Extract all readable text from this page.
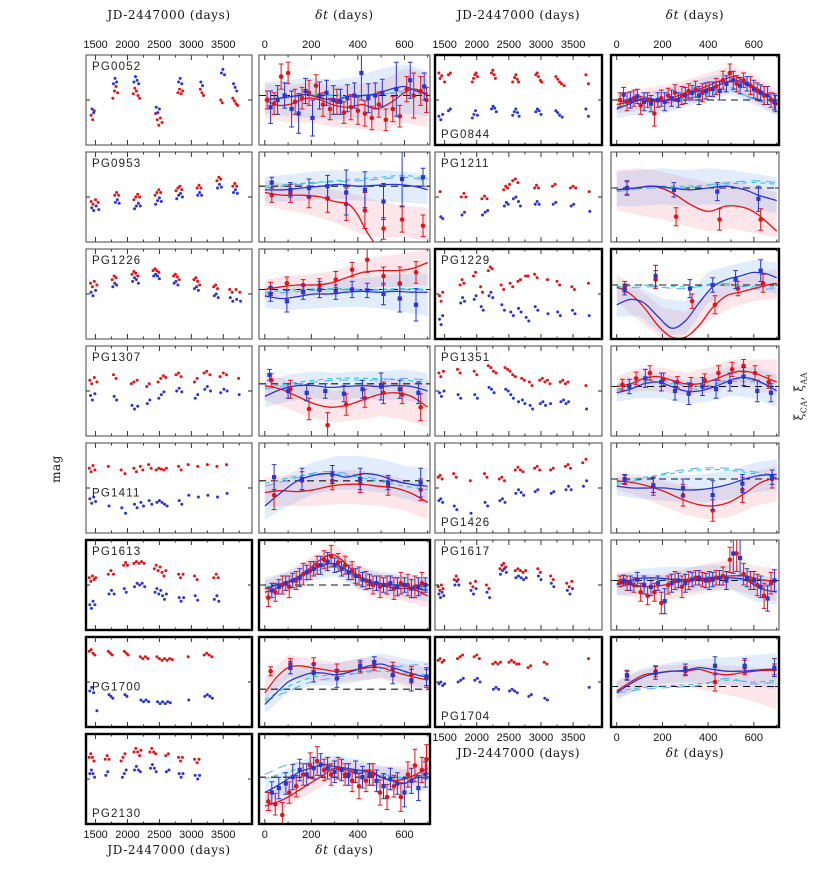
JD-2447000 (days)	δt (days)	JD-2447000 (days)	δt (days)
JD-2447000 (days)	δt (days)
JD-2447000 (days)	δt (days)
mag
$\xi_{CA}$, $\xi_{AA}$
1500 2000 2500 3000 3500 0	200	400	600 1500 2000 2500 3000 3500	0	200 400 600
1500 2000 2500 3000 3500 0	200	400	600
1500 2000 2500 3000 3500	0	200 400 600
PG0052
PG0844
PG0953	PG1211
PG1226	PG1229
PG1307	PG1351
PG1411
PG1426
PG1613	PG1617
PG1700
PG1704
PG2130
